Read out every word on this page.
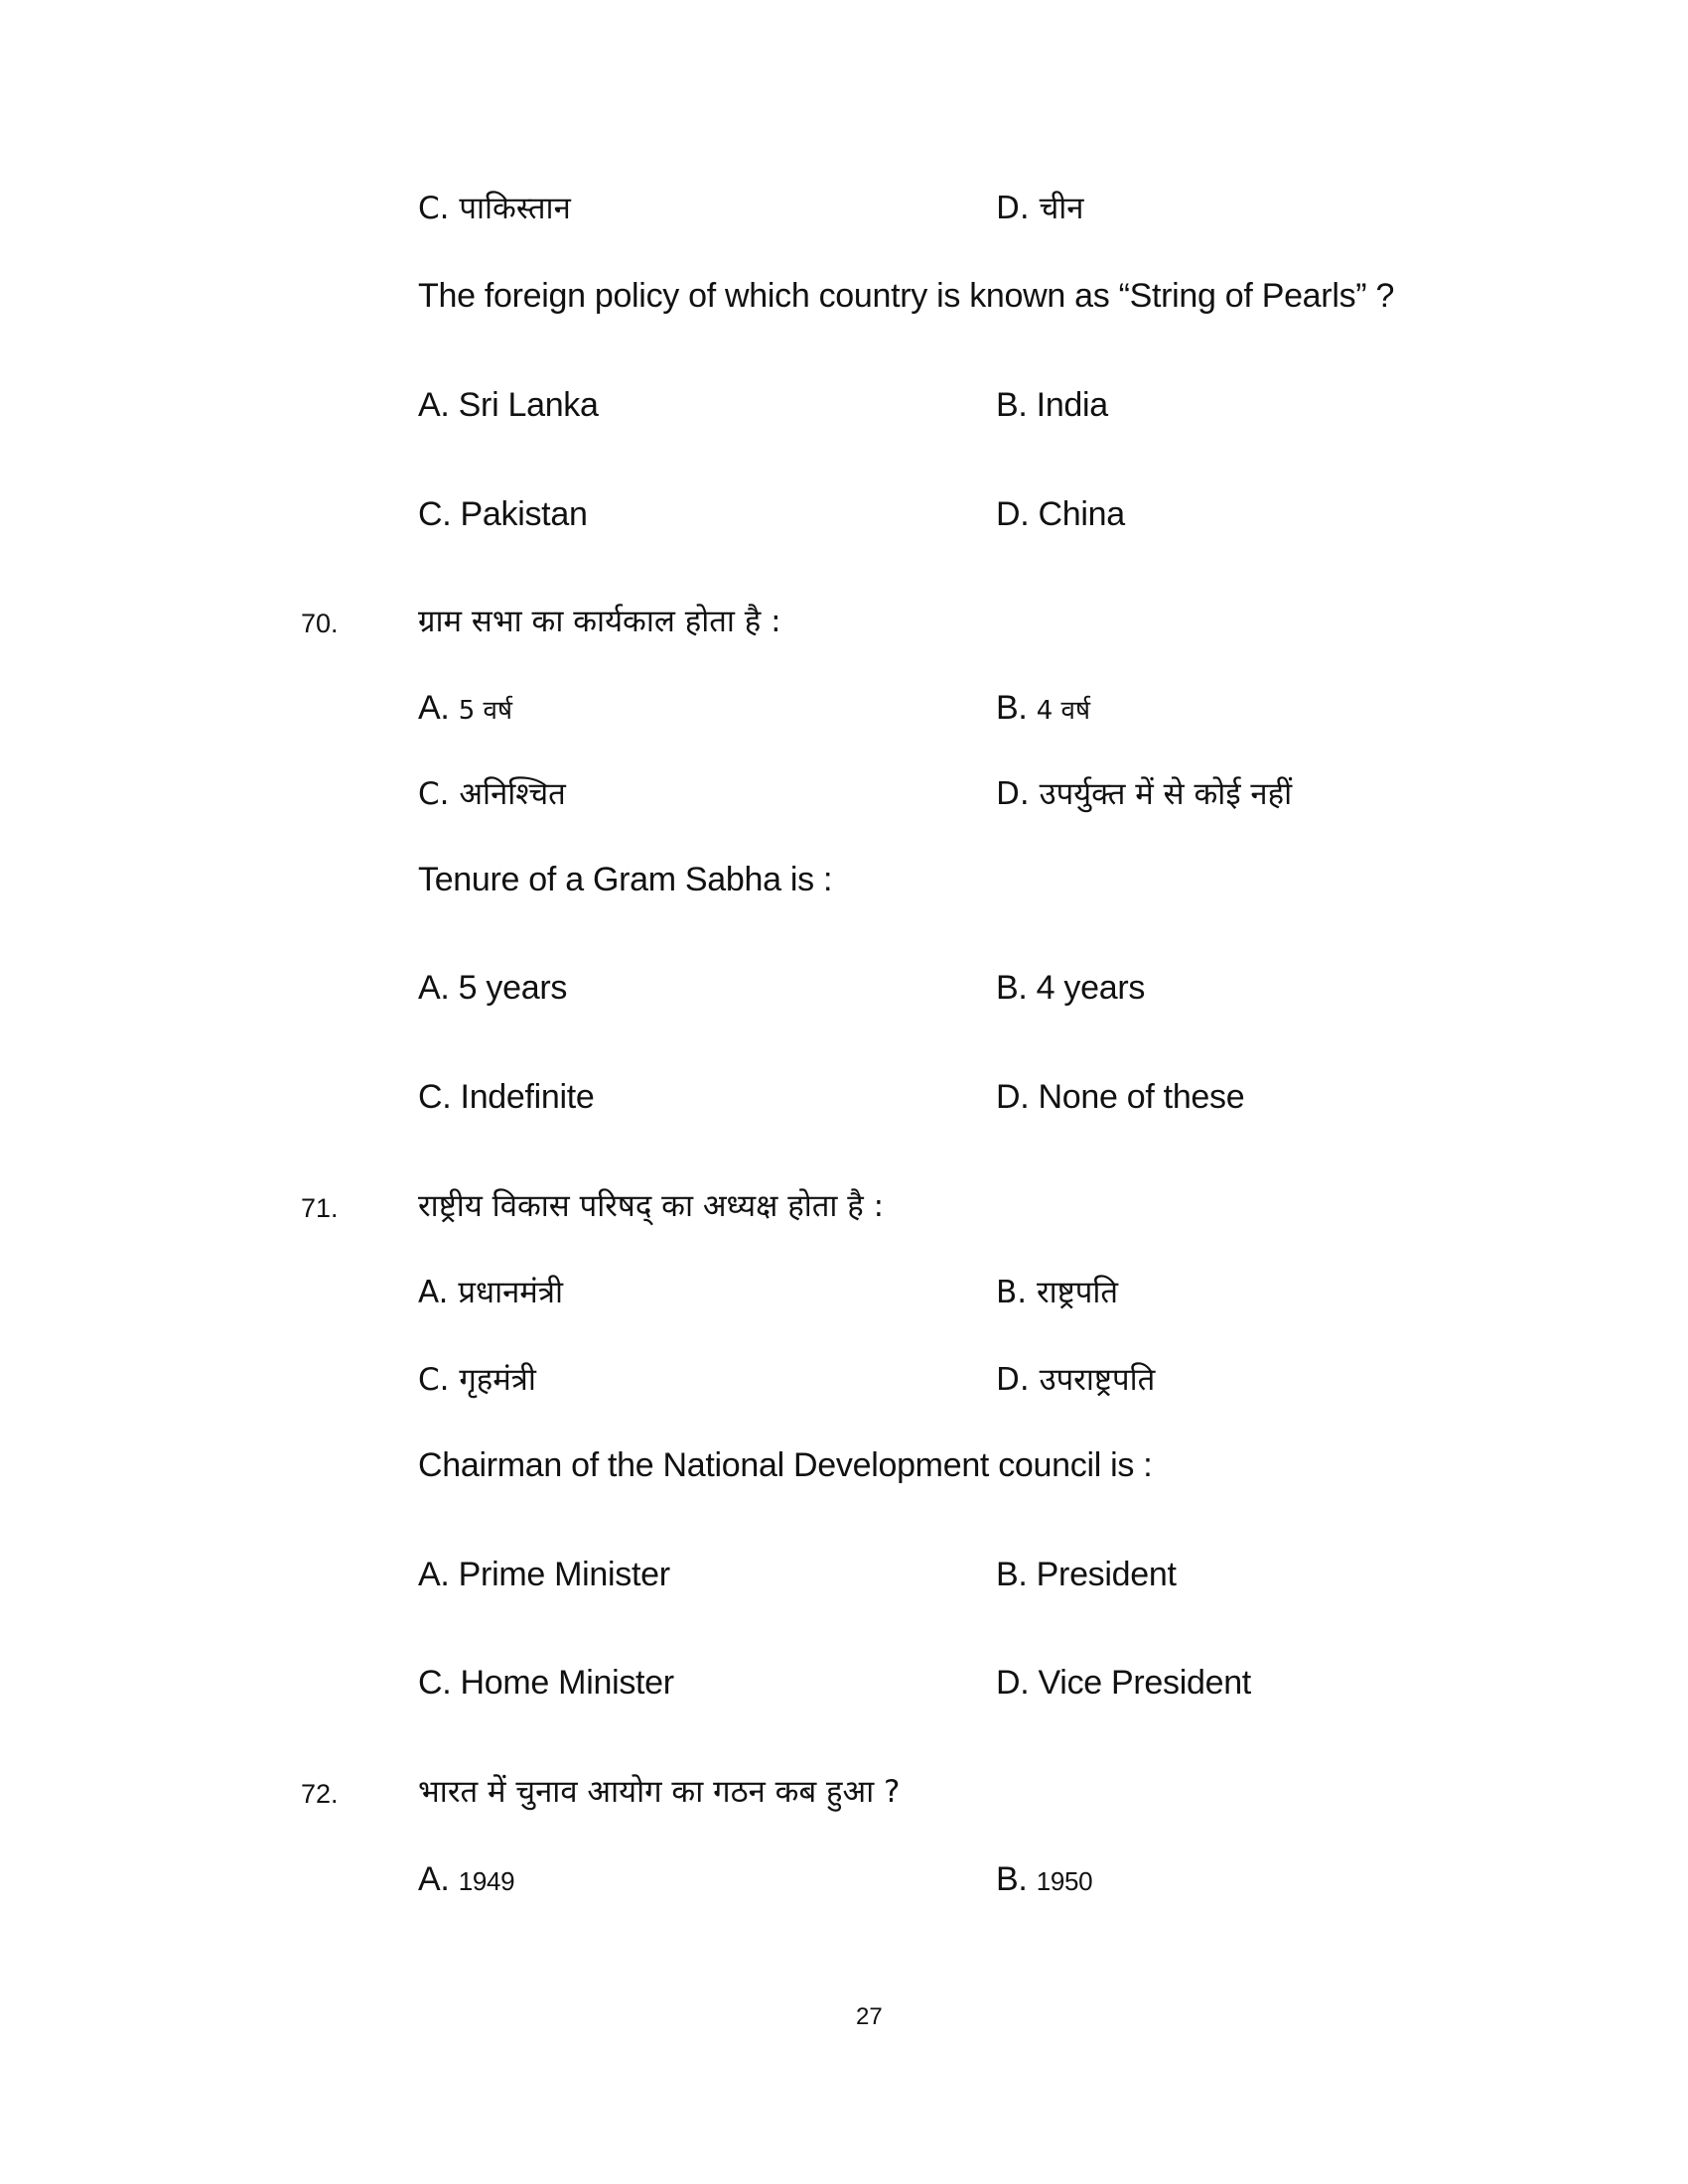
C. पाकिस्तान	D. चीन
The foreign policy of which country is known as “String of Pearls” ?
A. Sri Lanka	B. India
C. Pakistan	D. China
70.	ग्राम सभा का कार्यकाल होता है :
A. 5 वर्ष	B. 4 वर्ष
C. अनिश्चित	D. उपर्युक्त में से कोई नहीं
Tenure of a Gram Sabha is :
A. 5 years	B. 4 years
C. Indefinite	D. None of these
71.	राष्ट्रीय विकास परिषद् का अध्यक्ष होता है :
A. प्रधानमंत्री	B. राष्ट्रपति
C. गृहमंत्री	D. उपराष्ट्रपति
Chairman of the National Development council is :
A. Prime Minister	B. President
C. Home Minister	D. Vice President
72.	भारत में चुनाव आयोग का गठन कब हुआ ?
A. 1949	B. 1950
27
